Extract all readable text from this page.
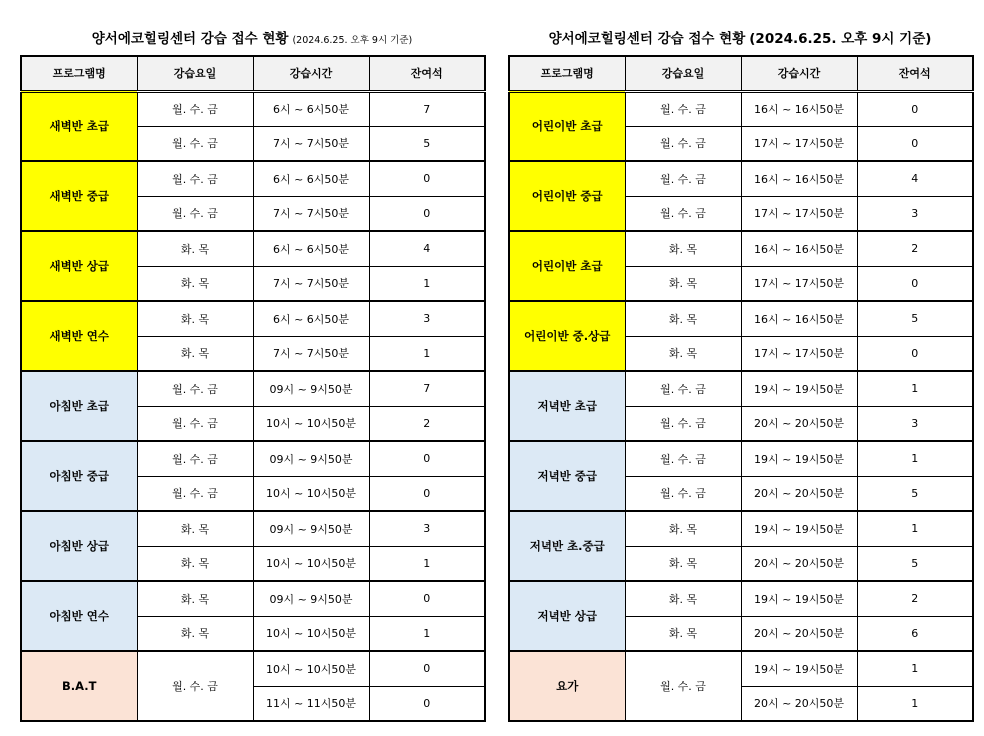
양서에코힐링센터 강습 접수 현황 (2024.6.25. 오후 9시 기준)
프로그램명	강습요일	강습시간	잔여석
새벽반 초급	월. 수. 금	6시 ~ 6시50분	7
	월. 수. 금	7시 ~ 7시50분	5
새벽반 중급	월. 수. 금	6시 ~ 6시50분	0
	월. 수. 금	7시 ~ 7시50분	0
새벽반 상급	화. 목	6시 ~ 6시50분	4
	화. 목	7시 ~ 7시50분	1
새벽반 연수	화. 목	6시 ~ 6시50분	3
	화. 목	7시 ~ 7시50분	1
아침반 초급	월. 수. 금	09시 ~ 9시50분	7
	월. 수. 금	10시 ~ 10시50분	2
아침반 중급	월. 수. 금	09시 ~ 9시50분	0
	월. 수. 금	10시 ~ 10시50분	0
아침반 상급	화. 목	09시 ~ 9시50분	3
	화. 목	10시 ~ 10시50분	1
아침반 연수	화. 목	09시 ~ 9시50분	0
	화. 목	10시 ~ 10시50분	1
B.A.T	월. 수. 금	10시 ~ 10시50분	0
		11시 ~ 11시50분	0
양서에코힐링센터 강습 접수 현황 (2024.6.25. 오후 9시 기준)
프로그램명	강습요일	강습시간	잔여석
어린이반 초급	월. 수. 금	16시 ~ 16시50분	0
	월. 수. 금	17시 ~ 17시50분	0
어린이반 중급	월. 수. 금	16시 ~ 16시50분	4
	월. 수. 금	17시 ~ 17시50분	3
어린이반 초급	화. 목	16시 ~ 16시50분	2
	화. 목	17시 ~ 17시50분	0
어린이반 중.상급	화. 목	16시 ~ 16시50분	5
	화. 목	17시 ~ 17시50분	0
저녁반 초급	월. 수. 금	19시 ~ 19시50분	1
	월. 수. 금	20시 ~ 20시50분	3
저녁반 중급	월. 수. 금	19시 ~ 19시50분	1
	월. 수. 금	20시 ~ 20시50분	5
저녁반 초.중급	화. 목	19시 ~ 19시50분	1
	화. 목	20시 ~ 20시50분	5
저녁반 상급	화. 목	19시 ~ 19시50분	2
	화. 목	20시 ~ 20시50분	6
요가	월. 수. 금	19시 ~ 19시50분	1
		20시 ~ 20시50분	1
